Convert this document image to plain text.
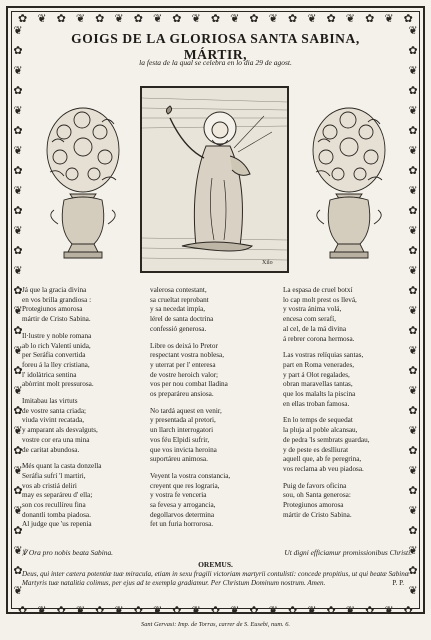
✿ ❦ ✿ ❦ ✿ ❦ ✿ ❦ ✿ ❦ ✿ ❦ ✿ ❦ ✿ ❦ ✿ ❦ ✿ ❦ ✿
✿ ❦ ✿ ❦ ✿ ❦ ✿ ❦ ✿ ❦ ✿ ❦ ✿ ❦ ✿ ❦ ✿ ❦ ✿ ❦ ✿
❦
✿
❦
✿
❦
✿
❦
✿
❦
✿
❦
✿
❦
✿
❦
✿
❦
✿
❦
✿
❦
✿
❦
✿
❦
✿
❦
✿
❦
❦
✿
❦
✿
❦
✿
❦
✿
❦
✿
❦
✿
❦
✿
❦
✿
❦
✿
❦
✿
❦
✿
❦
✿
❦
✿
❦
✿
❦
GOIGS DE LA GLORIOSA SANTA SABINA, MÁRTIR,
la festa de la qual se celebra en lo dia 29 de agost.
Xilo

Já que la gracia divina

en vos brilla grandiosa :

Protegiunos amorosa

mártir de Cristo Sabina.

Il·lustre y noble romana

ab lo rich Valentí unida,

per Seráfia convertida

foreu á la lley cristiana,

l' idolàtrica sentina

abòrrint molt pressurosa.

Imitabau las virtuts

de vostre santa criada;

viuda vivint recatada,

y amparant als desvalguts,

vostre cor era una mina

de caritat abundosa.

Més quant la casta donzella

Seráfia sufrí 'l martiri,

vos ab cristiá deliri

may es separáreu d' ella;

son cos recullíreu fina

donantli tomba piadosa.

Al judge que 'us repenia

valerosa contestant,

sa crueltat reprobant

y sa necedat impía,

lérel de santa doctrina

confessió generosa.

Libre os deixá lo Pretor

respectant vostra noblesa,

y uterrat per l' enteresa

de vostre heroich valor;

vos per nou combat lladina

os preparáreu ansiosa.

No tardá aquest en venir,

y presentada al pretori,

un llarch interrogatori

vos féu Elpidi sufrir,

que vos invicta heroina

suportáreu animosa.

Veyent la vostra constancia,

creyent que res lograria,

y vostra fe venceria

sa fevesa y arrogancia,

degollarvos determina

fet un furia horrorosa.

La espasa de cruel botxí

lo cap molt prest os llevá,

y vostra ánima volá,

encesa com serafí,

al cel, de la má divina

á rebrer corona hermosa.

Las vostras relíquias santas,

part en Roma venerades,

y part á Olot regalades,

obran maravellas tantas,

que los malalts la piscina

en ellas troban famosa.

En lo temps de sequedat

la pluja al poble alcansau,

de pedra 'ls sembrats guardau,

y de peste es deslliurat

aquell que, ab fe peregrina,

vos reclama ab veu piadosa.

Puig de favors oficina

sou, oh Santa generosa:

Protegiunos amorosa

mártir de Cristo Sabina.

℣ Ora pro nobis beata Sabina.	Ut digni efficiamur promissionibus Christi.
OREMUS.
Deus, qui inter cætera potentiæ tuæ miracula, etiam in sexu fragili victoriam martyrii contulisti: concede propitius, ut qui beatæ Sabinæ Martyris tuæ natalitia colimus, per ejus ad te exempla gradiamur. Per Christum Dominum nostrum. Amen.	P. P.
Sant Gervasi: Imp. de Torras, carrer de S. Eusebi, num. 6.
